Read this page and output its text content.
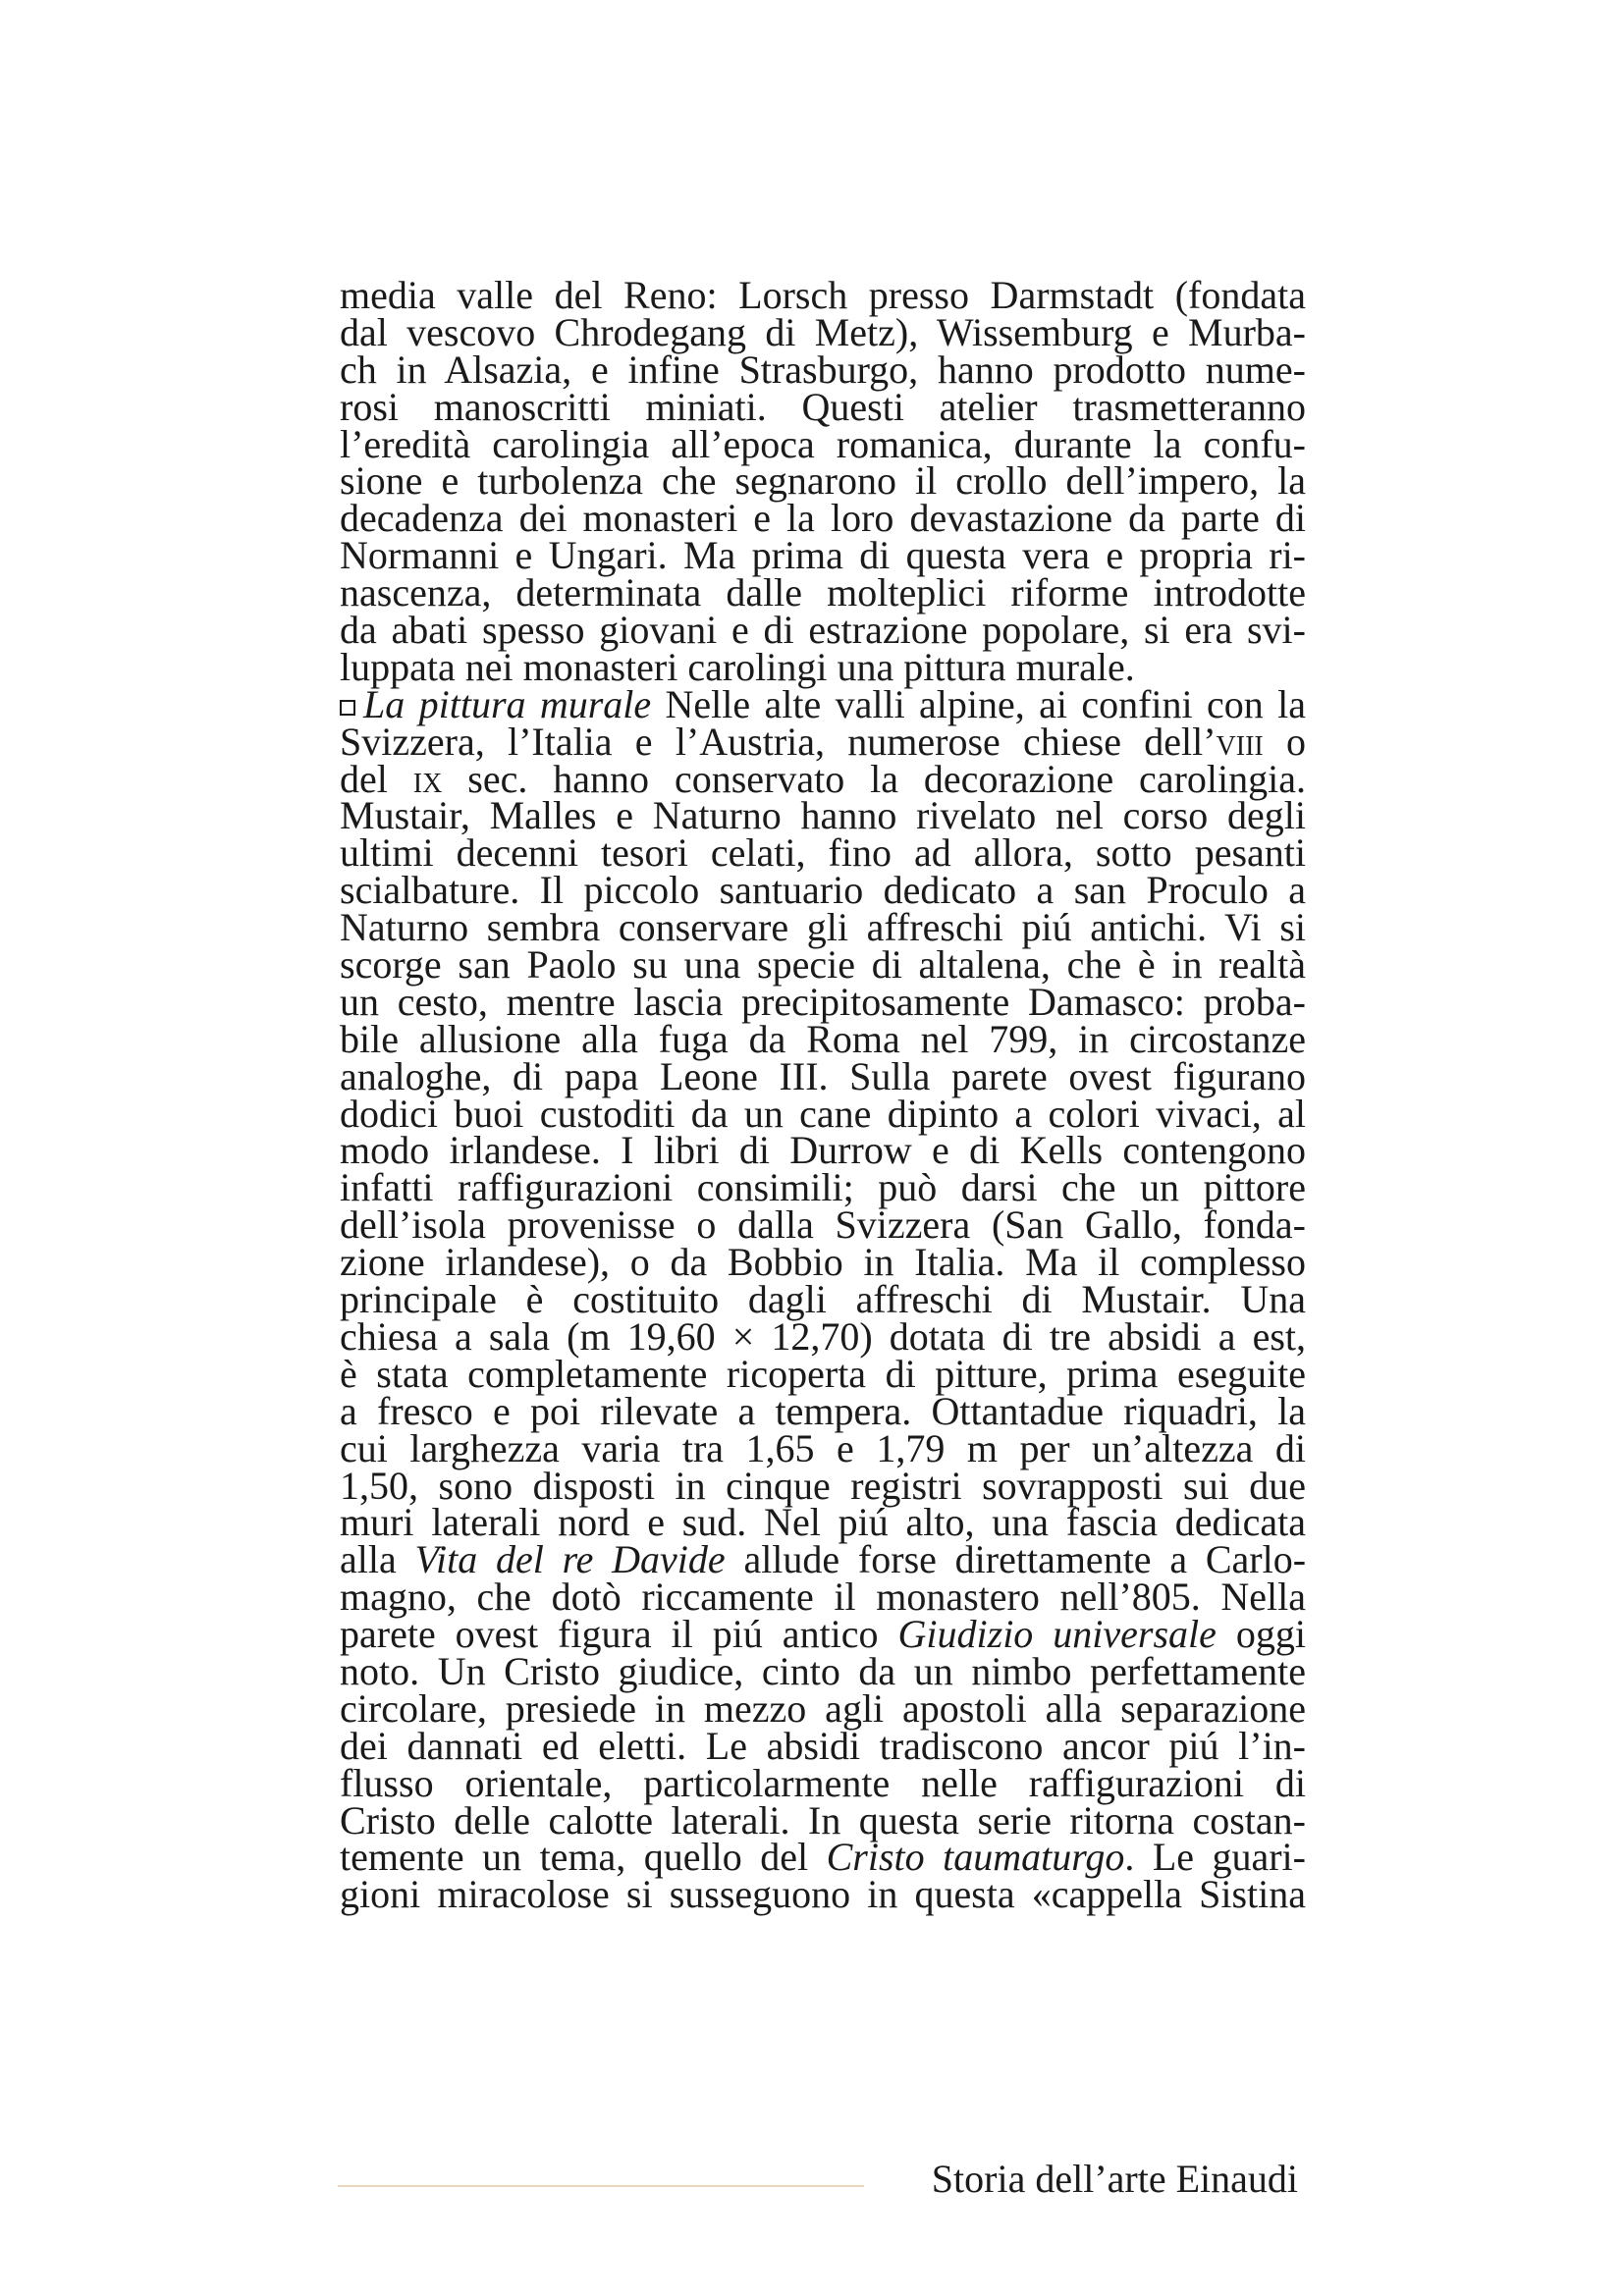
media valle del Reno: Lorsch presso Darmstadt (fondata
dal vescovo Chrodegang di Metz), Wissemburg e Murba-
ch in Alsazia, e infine Strasburgo, hanno prodotto nume-
rosi manoscritti miniati. Questi atelier trasmetteranno
l’eredità carolingia all’epoca romanica, durante la confu-
sione e turbolenza che segnarono il crollo dell’impero, la
decadenza dei monasteri e la loro devastazione da parte di
Normanni e Ungari. Ma prima di questa vera e propria ri-
nascenza, determinata dalle molteplici riforme introdotte
da abati spesso giovani e di estrazione popolare, si era svi-
luppata nei monasteri carolingi una pittura murale.
La pittura murale Nelle alte valli alpine, ai confini con la
Svizzera, l’Italia e l’Austria, numerose chiese dell’viii o
del ix sec. hanno conservato la decorazione carolingia.
Mustair, Malles e Naturno hanno rivelato nel corso degli
ultimi decenni tesori celati, fino ad allora, sotto pesanti
scialbature. Il piccolo santuario dedicato a san Proculo a
Naturno sembra conservare gli affreschi piú antichi. Vi si
scorge san Paolo su una specie di altalena, che è in realtà
un cesto, mentre lascia precipitosamente Damasco: proba-
bile allusione alla fuga da Roma nel 799, in circostanze
analoghe, di papa Leone III. Sulla parete ovest figurano
dodici buoi custoditi da un cane dipinto a colori vivaci, al
modo irlandese. I libri di Durrow e di Kells contengono
infatti raffigurazioni consimili; può darsi che un pittore
dell’isola provenisse o dalla Svizzera (San Gallo, fonda-
zione irlandese), o da Bobbio in Italia. Ma il complesso
principale è costituito dagli affreschi di Mustair. Una
chiesa a sala (m 19,60 × 12,70) dotata di tre absidi a est,
è stata completamente ricoperta di pitture, prima eseguite
a fresco e poi rilevate a tempera. Ottantadue riquadri, la
cui larghezza varia tra 1,65 e 1,79 m per un’altezza di
1,50, sono disposti in cinque registri sovrapposti sui due
muri laterali nord e sud. Nel piú alto, una fascia dedicata
alla Vita del re Davide allude forse direttamente a Carlo-
magno, che dotò riccamente il monastero nell’805. Nella
parete ovest figura il piú antico Giudizio universale oggi
noto. Un Cristo giudice, cinto da un nimbo perfettamente
circolare, presiede in mezzo agli apostoli alla separazione
dei dannati ed eletti. Le absidi tradiscono ancor piú l’in-
flusso orientale, particolarmente nelle raffigurazioni di
Cristo delle calotte laterali. In questa serie ritorna costan-
temente un tema, quello del Cristo taumaturgo. Le guari-
gioni miracolose si susseguono in questa «cappella Sistina
Storia dell’arte Einaudi
